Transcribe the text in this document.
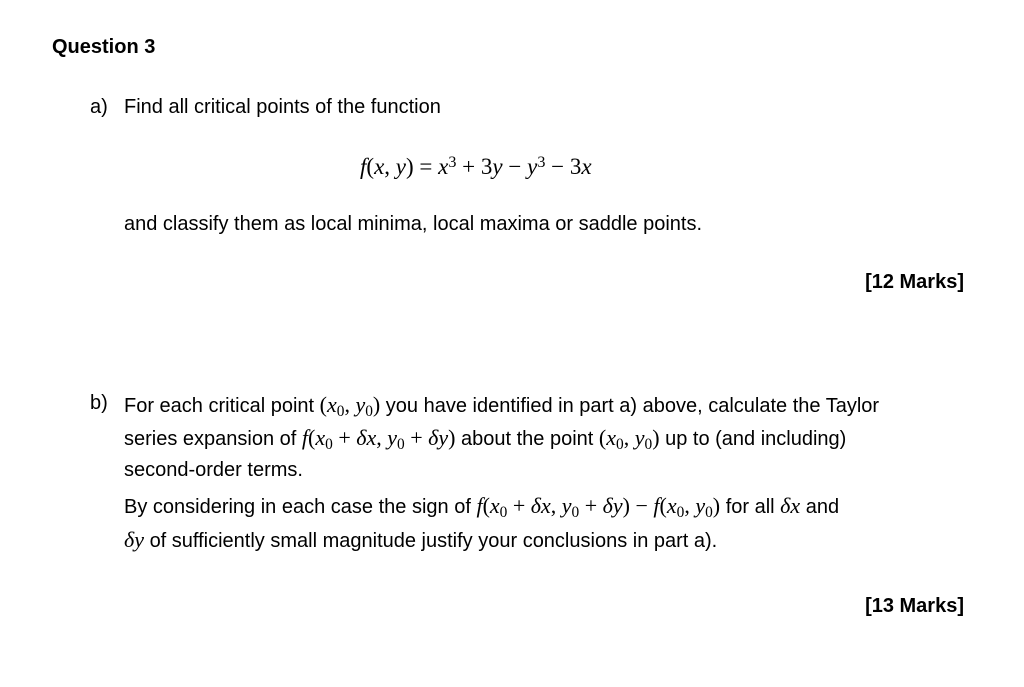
Question 3
a) Find all critical points of the function
f(x, $y) = x^3 + 3y - y^3 - 3x$
and classify them as local minima, local maxima or saddle points.
[12 Marks]
b) For each critical point ($x_0$, $y_0$) you have identified in part a) above, calculate the Taylor
series expansion of $f(x_0 + \delta x$, $y_0 + \delta y$) about the point ($x_0$, $y_0$) up to (and including)
second-order terms.
By considering in each case the sign of $f(x_0 + \delta x$, $y_0 + \delta y) - f(x_0$, $y_0$) for all δx and
δy of sufficiently small magnitude justify your conclusions in part a).
[13 Marks]
